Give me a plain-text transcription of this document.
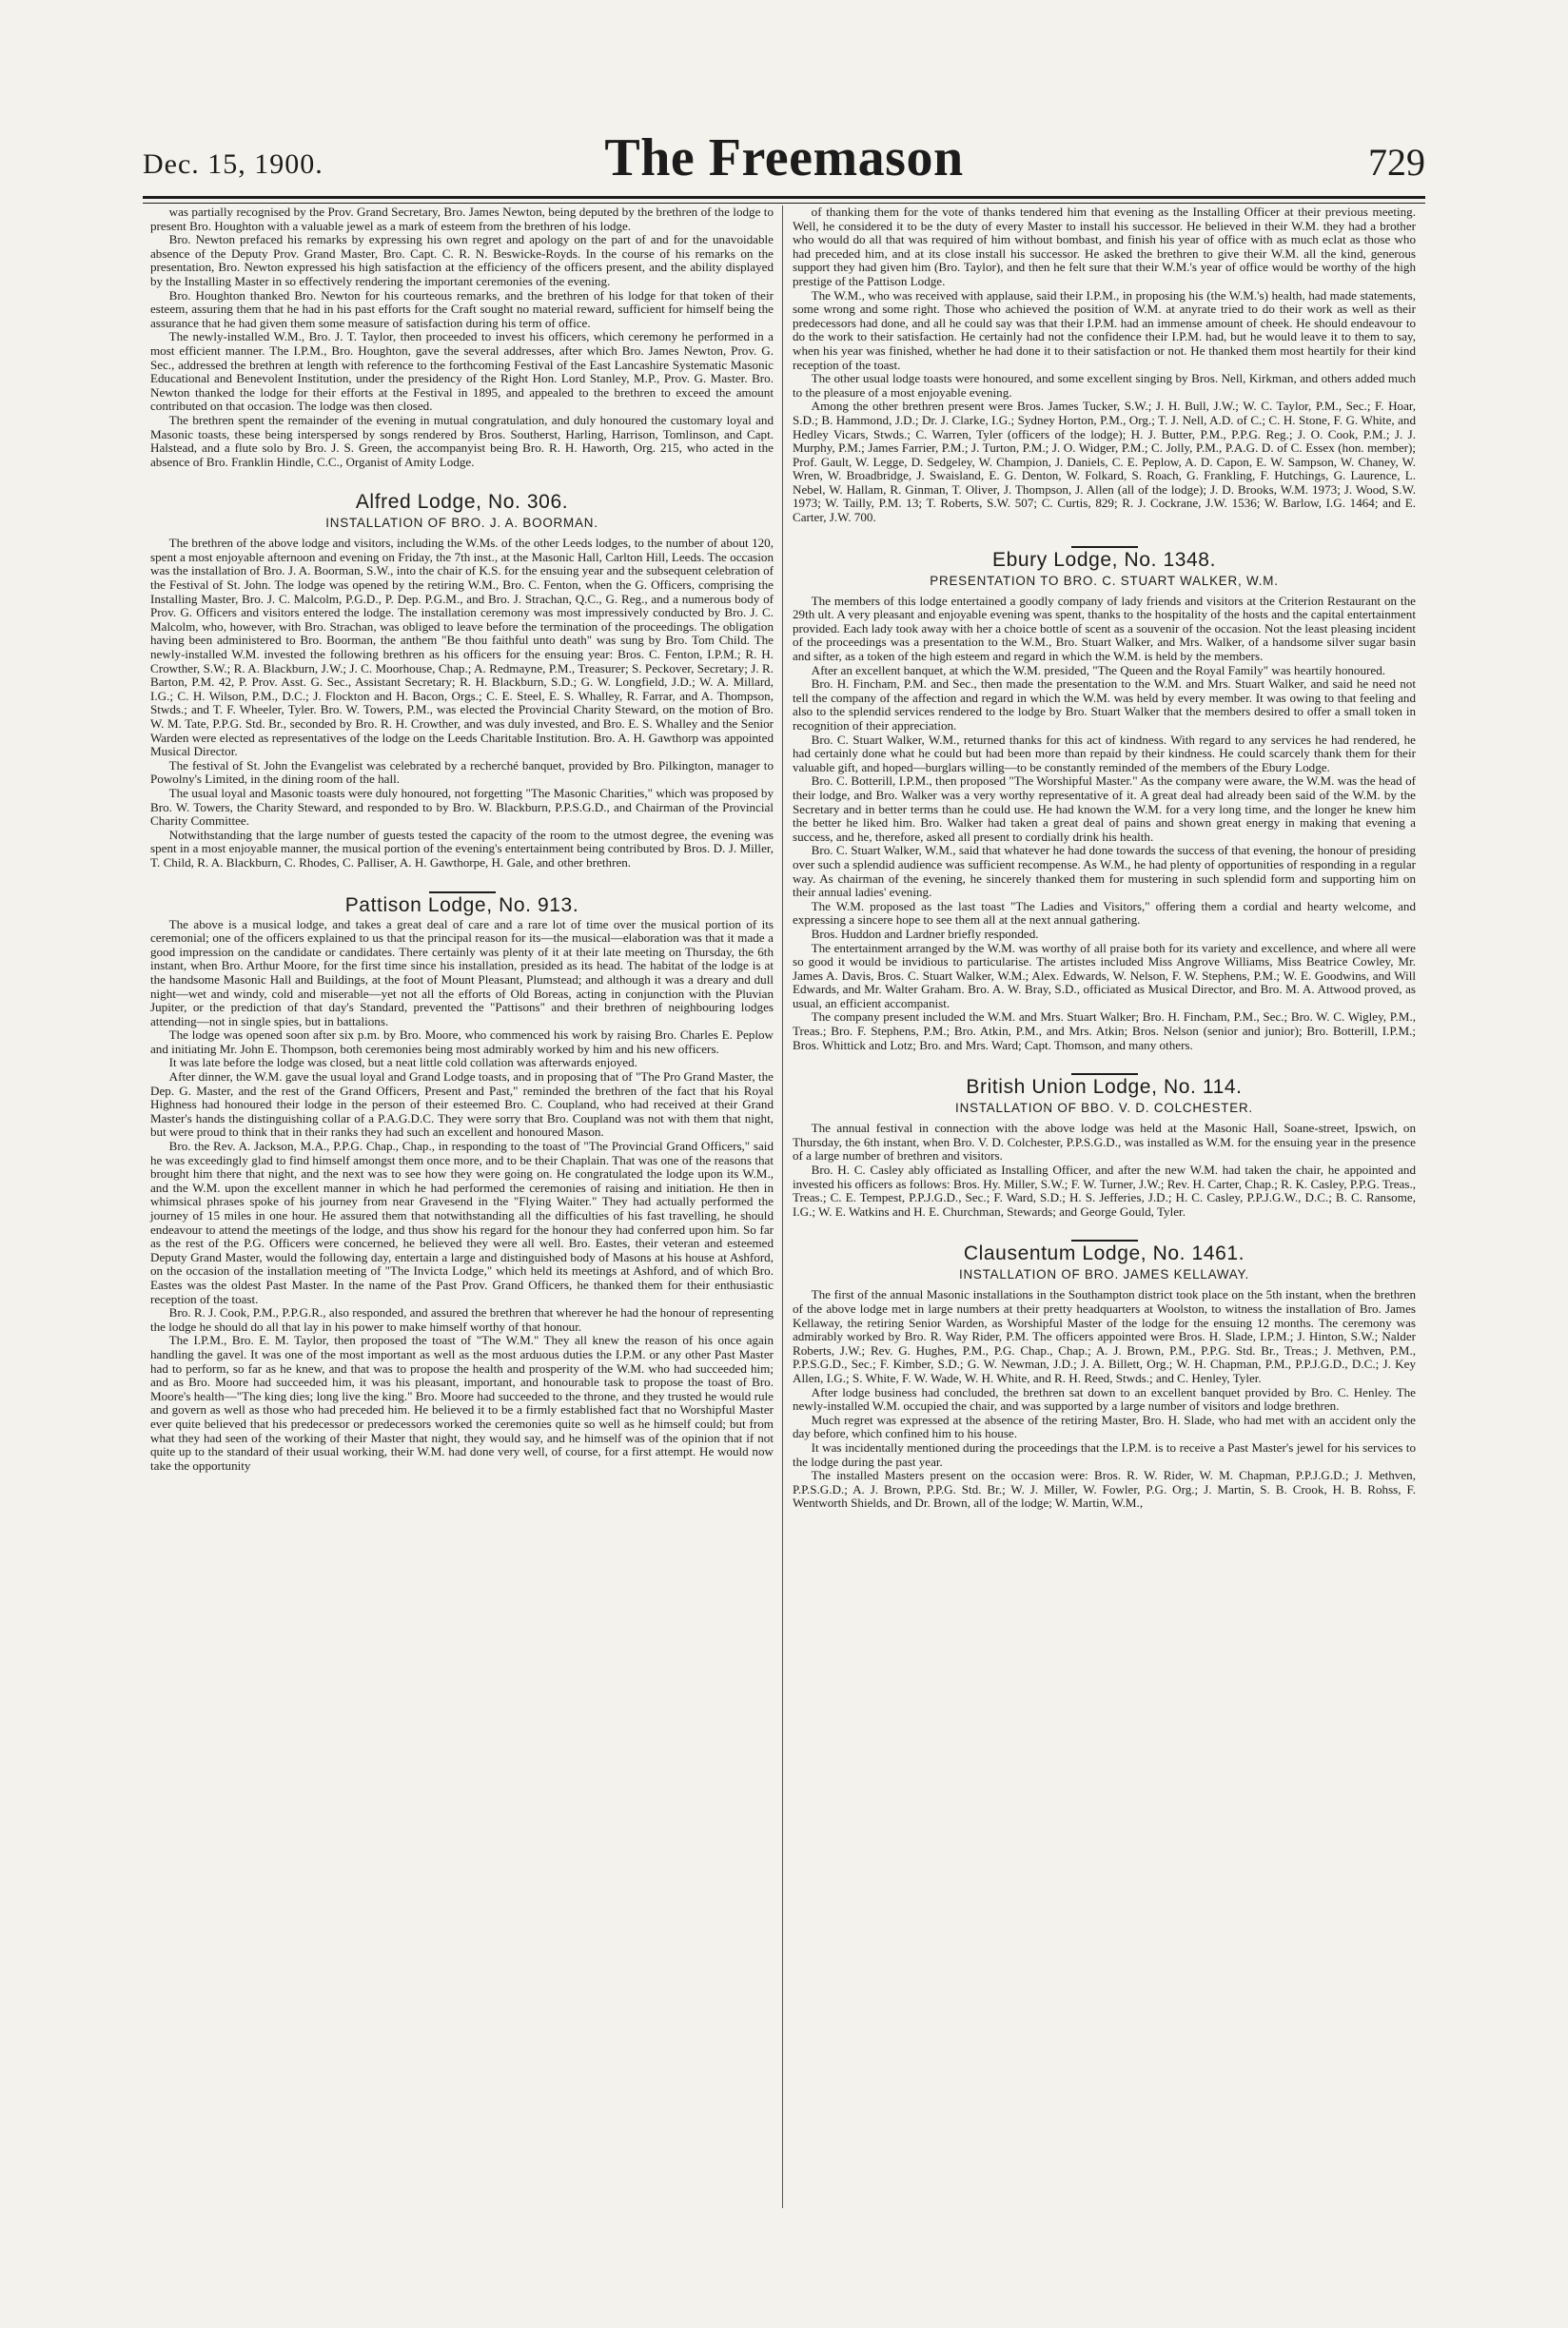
Dec. 15, 1900.	The Freemason	729

was partially recognised by the Prov. Grand Secretary, Bro. James Newton, being deputed by the brethren of the lodge to present Bro. Houghton with a valuable jewel as a mark of esteem from the brethren of his lodge.

Bro. Newton prefaced his remarks by expressing his own regret and apology on the part of and for the unavoidable absence of the Deputy Prov. Grand Master, Bro. Capt. C. R. N. Beswicke-Royds. In the course of his remarks on the presentation, Bro. Newton expressed his high satisfaction at the efficiency of the officers present, and the ability displayed by the Installing Master in so effectively rendering the important ceremonies of the evening.

Bro. Houghton thanked Bro. Newton for his courteous remarks, and the brethren of his lodge for that token of their esteem, assuring them that he had in his past efforts for the Craft sought no material reward, sufficient for himself being the assurance that he had given them some measure of satisfaction during his term of office.

The newly-installed W.M., Bro. J. T. Taylor, then proceeded to invest his officers, which ceremony he performed in a most efficient manner. The I.P.M., Bro. Houghton, gave the several addresses, after which Bro. James Newton, Prov. G. Sec., addressed the brethren at length with reference to the forthcoming Festival of the East Lancashire Systematic Masonic Educational and Benevolent Institution, under the presidency of the Right Hon. Lord Stanley, M.P., Prov. G. Master. Bro. Newton thanked the lodge for their efforts at the Festival in 1895, and appealed to the brethren to exceed the amount contributed on that occasion. The lodge was then closed.

The brethren spent the remainder of the evening in mutual congratulation, and duly honoured the customary loyal and Masonic toasts, these being interspersed by songs rendered by Bros. Southerst, Harling, Harrison, Tomlinson, and Capt. Halstead, and a flute solo by Bro. J. S. Green, the accompanyist being Bro. R. H. Haworth, Org. 215, who acted in the absence of Bro. Franklin Hindle, C.C., Organist of Amity Lodge.

Alfred Lodge, No. 306.
INSTALLATION OF BRO. J. A. BOORMAN.

The brethren of the above lodge and visitors, including the W.Ms. of the other Leeds lodges, to the number of about 120, spent a most enjoyable afternoon and evening on Friday, the 7th inst., at the Masonic Hall, Carlton Hill, Leeds. The occasion was the installation of Bro. J. A. Boorman, S.W., into the chair of K.S. for the ensuing year and the subsequent celebration of the Festival of St. John. The lodge was opened by the retiring W.M., Bro. C. Fenton, when the G. Officers, comprising the Installing Master, Bro. J. C. Malcolm, P.G.D., P. Dep. P.G.M., and Bro. J. Strachan, Q.C., G. Reg., and a numerous body of Prov. G. Officers and visitors entered the lodge. The installation ceremony was most impressively conducted by Bro. J. C. Malcolm, who, however, with Bro. Strachan, was obliged to leave before the termination of the proceedings. The obligation having been administered to Bro. Boorman, the anthem "Be thou faithful unto death" was sung by Bro. Tom Child. The newly-installed W.M. invested the following brethren as his officers for the ensuing year: Bros. C. Fenton, I.P.M.; R. H. Crowther, S.W.; R. A. Blackburn, J.W.; J. C. Moorhouse, Chap.; A. Redmayne, P.M., Treasurer; S. Peckover, Secretary; J. R. Barton, P.M. 42, P. Prov. Asst. G. Sec., Assistant Secretary; R. H. Blackburn, S.D.; G. W. Longfield, J.D.; W. A. Millard, I.G.; C. H. Wilson, P.M., D.C.; J. Flockton and H. Bacon, Orgs.; C. E. Steel, E. S. Whalley, R. Farrar, and A. Thompson, Stwds.; and T. F. Wheeler, Tyler. Bro. W. Towers, P.M., was elected the Provincial Charity Steward, on the motion of Bro. W. M. Tate, P.P.G. Std. Br., seconded by Bro. R. H. Crowther, and was duly invested, and Bro. E. S. Whalley and the Senior Warden were elected as representatives of the lodge on the Leeds Charitable Institution. Bro. A. H. Gawthorp was appointed Musical Director.

The festival of St. John the Evangelist was celebrated by a recherché banquet, provided by Bro. Pilkington, manager to Powolny's Limited, in the dining room of the hall.

The usual loyal and Masonic toasts were duly honoured, not forgetting "The Masonic Charities," which was proposed by Bro. W. Towers, the Charity Steward, and responded to by Bro. W. Blackburn, P.P.S.G.D., and Chairman of the Provincial Charity Committee.

Notwithstanding that the large number of guests tested the capacity of the room to the utmost degree, the evening was spent in a most enjoyable manner, the musical portion of the evening's entertainment being contributed by Bros. D. J. Miller, T. Child, R. A. Blackburn, C. Rhodes, C. Palliser, A. H. Gawthorpe, H. Gale, and other brethren.

Pattison Lodge, No. 913.

The above is a musical lodge, and takes a great deal of care and a rare lot of time over the musical portion of its ceremonial; one of the officers explained to us that the principal reason for its—the musical—elaboration was that it made a good impression on the candidate or candidates. There certainly was plenty of it at their late meeting on Thursday, the 6th instant, when Bro. Arthur Moore, for the first time since his installation, presided as its head. The habitat of the lodge is at the handsome Masonic Hall and Buildings, at the foot of Mount Pleasant, Plumstead; and although it was a dreary and dull night—wet and windy, cold and miserable—yet not all the efforts of Old Boreas, acting in conjunction with the Pluvian Jupiter, or the prediction of that day's Standard, prevented the "Pattisons" and their brethren of neighbouring lodges attending—not in single spies, but in battalions.

The lodge was opened soon after six p.m. by Bro. Moore, who commenced his work by raising Bro. Charles E. Peplow and initiating Mr. John E. Thompson, both ceremonies being most admirably worked by him and his new officers.

It was late before the lodge was closed, but a neat little cold collation was afterwards enjoyed.

After dinner, the W.M. gave the usual loyal and Grand Lodge toasts, and in proposing that of "The Pro Grand Master, the Dep. G. Master, and the rest of the Grand Officers, Present and Past," reminded the brethren of the fact that his Royal Highness had honoured their lodge in the person of their esteemed Bro. C. Coupland, who had received at their Grand Master's hands the distinguishing collar of a P.A.G.D.C. They were sorry that Bro. Coupland was not with them that night, but were proud to think that in their ranks they had such an excellent and honoured Mason.

Bro. the Rev. A. Jackson, M.A., P.P.G. Chap., Chap., in responding to the toast of "The Provincial Grand Officers," said he was exceedingly glad to find himself amongst them once more, and to be their Chaplain. That was one of the reasons that brought him there that night, and the next was to see how they were going on. He congratulated the lodge upon its W.M., and the W.M. upon the excellent manner in which he had performed the ceremonies of raising and initiation. He then in whimsical phrases spoke of his journey from near Gravesend in the "Flying Waiter." They had actually performed the journey of 15 miles in one hour. He assured them that notwithstanding all the difficulties of his fast travelling, he should endeavour to attend the meetings of the lodge, and thus show his regard for the honour they had conferred upon him. So far as the rest of the P.G. Officers were concerned, he believed they were all well. Bro. Eastes, their veteran and esteemed Deputy Grand Master, would the following day, entertain a large and distinguished body of Masons at his house at Ashford, on the occasion of the installation meeting of "The Invicta Lodge," which held its meetings at Ashford, and of which Bro. Eastes was the oldest Past Master. In the name of the Past Prov. Grand Officers, he thanked them for their enthusiastic reception of the toast.

Bro. R. J. Cook, P.M., P.P.G.R., also responded, and assured the brethren that wherever he had the honour of representing the lodge he should do all that lay in his power to make himself worthy of that honour.

The I.P.M., Bro. E. M. Taylor, then proposed the toast of "The W.M." They all knew the reason of his once again handling the gavel. It was one of the most important as well as the most arduous duties the I.P.M. or any other Past Master had to perform, so far as he knew, and that was to propose the health and prosperity of the W.M. who had succeeded him; and as Bro. Moore had succeeded him, it was his pleasant, important, and honourable task to propose the toast of Bro. Moore's health—"The king dies; long live the king." Bro. Moore had succeeded to the throne, and they trusted he would rule and govern as well as those who had preceded him. He believed it to be a firmly established fact that no Worshipful Master ever quite believed that his predecessor or predecessors worked the ceremonies quite so well as he himself could; but from what they had seen of the working of their Master that night, they would say, and he himself was of the opinion that if not quite up to the standard of their usual working, their W.M. had done very well, of course, for a first attempt. He would now take the opportunity

of thanking them for the vote of thanks tendered him that evening as the Installing Officer at their previous meeting. Well, he considered it to be the duty of every Master to install his successor. He believed in their W.M. they had a brother who would do all that was required of him without bombast, and finish his year of office with as much eclat as those who had preceded him, and at its close install his successor. He asked the brethren to give their W.M. all the kind, generous support they had given him (Bro. Taylor), and then he felt sure that their W.M.'s year of office would be worthy of the high prestige of the Pattison Lodge.

The W.M., who was received with applause, said their I.P.M., in proposing his (the W.M.'s) health, had made statements, some wrong and some right. Those who achieved the position of W.M. at anyrate tried to do their work as well as their predecessors had done, and all he could say was that their I.P.M. had an immense amount of cheek. He should endeavour to do the work to their satisfaction. He certainly had not the confidence their I.P.M. had, but he would leave it to them to say, when his year was finished, whether he had done it to their satisfaction or not. He thanked them most heartily for their kind reception of the toast.

The other usual lodge toasts were honoured, and some excellent singing by Bros. Nell, Kirkman, and others added much to the pleasure of a most enjoyable evening.

Among the other brethren present were Bros. James Tucker, S.W.; J. H. Bull, J.W.; W. C. Taylor, P.M., Sec.; F. Hoar, S.D.; B. Hammond, J.D.; Dr. J. Clarke, I.G.; Sydney Horton, P.M., Org.; T. J. Nell, A.D. of C.; C. H. Stone, F. G. White, and Hedley Vicars, Stwds.; C. Warren, Tyler (officers of the lodge); H. J. Butter, P.M., P.P.G. Reg.; J. O. Cook, P.M.; J. J. Murphy, P.M.; James Farrier, P.M.; J. Turton, P.M.; J. O. Widger, P.M.; C. Jolly, P.M., P.A.G. D. of C. Essex (hon. member); Prof. Gault, W. Legge, D. Sedgeley, W. Champion, J. Daniels, C. E. Peplow, A. D. Capon, E. W. Sampson, W. Chaney, W. Wren, W. Broadbridge, J. Swaisland, E. G. Denton, W. Folkard, S. Roach, G. Frankling, F. Hutchings, G. Laurence, L. Nebel, W. Hallam, R. Ginman, T. Oliver, J. Thompson, J. Allen (all of the lodge); J. D. Brooks, W.M. 1973; J. Wood, S.W. 1973; W. Tailly, P.M. 13; T. Roberts, S.W. 507; C. Curtis, 829; R. J. Cockrane, J.W. 1536; W. Barlow, I.G. 1464; and E. Carter, J.W. 700.

Ebury Lodge, No. 1348.
PRESENTATION TO BRO. C. STUART WALKER, W.M.

The members of this lodge entertained a goodly company of lady friends and visitors at the Criterion Restaurant on the 29th ult. A very pleasant and enjoyable evening was spent, thanks to the hospitality of the hosts and the capital entertainment provided. Each lady took away with her a choice bottle of scent as a souvenir of the occasion. Not the least pleasing incident of the proceedings was a presentation to the W.M., Bro. Stuart Walker, and Mrs. Walker, of a handsome silver sugar basin and sifter, as a token of the high esteem and regard in which the W.M. is held by the members.

After an excellent banquet, at which the W.M. presided, "The Queen and the Royal Family" was heartily honoured.

Bro. H. Fincham, P.M. and Sec., then made the presentation to the W.M. and Mrs. Stuart Walker, and said he need not tell the company of the affection and regard in which the W.M. was held by every member. It was owing to that feeling and also to the splendid services rendered to the lodge by Bro. Stuart Walker that the members desired to offer a small token in recognition of their appreciation.

Bro. C. Stuart Walker, W.M., returned thanks for this act of kindness. With regard to any services he had rendered, he had certainly done what he could but had been more than repaid by their kindness. He could scarcely thank them for their valuable gift, and hoped—burglars willing—to be constantly reminded of the members of the Ebury Lodge.

Bro. C. Botterill, I.P.M., then proposed "The Worshipful Master." As the company were aware, the W.M. was the head of their lodge, and Bro. Walker was a very worthy representative of it. A great deal had already been said of the W.M. by the Secretary and in better terms than he could use. He had known the W.M. for a very long time, and the longer he knew him the better he liked him. Bro. Walker had taken a great deal of pains and shown great energy in making that evening a success, and he, therefore, asked all present to cordially drink his health.

Bro. C. Stuart Walker, W.M., said that whatever he had done towards the success of that evening, the honour of presiding over such a splendid audience was sufficient recompense. As W.M., he had plenty of opportunities of responding in a regular way. As chairman of the evening, he sincerely thanked them for mustering in such splendid form and supporting him on their annual ladies' evening.

The W.M. proposed as the last toast "The Ladies and Visitors," offering them a cordial and hearty welcome, and expressing a sincere hope to see them all at the next annual gathering.

Bros. Huddon and Lardner briefly responded.

The entertainment arranged by the W.M. was worthy of all praise both for its variety and excellence, and where all were so good it would be invidious to particularise. The artistes included Miss Angrove Williams, Miss Beatrice Cowley, Mr. James A. Davis, Bros. C. Stuart Walker, W.M.; Alex. Edwards, W. Nelson, F. W. Stephens, P.M.; W. E. Goodwins, and Will Edwards, and Mr. Walter Graham. Bro. A. W. Bray, S.D., officiated as Musical Director, and Bro. M. A. Attwood proved, as usual, an efficient accompanist.

The company present included the W.M. and Mrs. Stuart Walker; Bro. H. Fincham, P.M., Sec.; Bro. W. C. Wigley, P.M., Treas.; Bro. F. Stephens, P.M.; Bro. Atkin, P.M., and Mrs. Atkin; Bros. Nelson (senior and junior); Bro. Botterill, I.P.M.; Bros. Whittick and Lotz; Bro. and Mrs. Ward; Capt. Thomson, and many others.

British Union Lodge, No. 114.
INSTALLATION OF BBO. V. D. COLCHESTER.

The annual festival in connection with the above lodge was held at the Masonic Hall, Soane-street, Ipswich, on Thursday, the 6th instant, when Bro. V. D. Colchester, P.P.S.G.D., was installed as W.M. for the ensuing year in the presence of a large number of brethren and visitors.

Bro. H. C. Casley ably officiated as Installing Officer, and after the new W.M. had taken the chair, he appointed and invested his officers as follows: Bros. Hy. Miller, S.W.; F. W. Turner, J.W.; Rev. H. Carter, Chap.; R. K. Casley, P.P.G. Treas., Treas.; C. E. Tempest, P.P.J.G.D., Sec.; F. Ward, S.D.; H. S. Jefferies, J.D.; H. C. Casley, P.P.J.G.W., D.C.; B. C. Ransome, I.G.; W. E. Watkins and H. E. Churchman, Stewards; and George Gould, Tyler.

Clausentum Lodge, No. 1461.
INSTALLATION OF BRO. JAMES KELLAWAY.

The first of the annual Masonic installations in the Southampton district took place on the 5th instant, when the brethren of the above lodge met in large numbers at their pretty headquarters at Woolston, to witness the installation of Bro. James Kellaway, the retiring Senior Warden, as Worshipful Master of the lodge for the ensuing 12 months. The ceremony was admirably worked by Bro. R. Way Rider, P.M. The officers appointed were Bros. H. Slade, I.P.M.; J. Hinton, S.W.; Nalder Roberts, J.W.; Rev. G. Hughes, P.M., P.G. Chap., Chap.; A. J. Brown, P.M., P.P.G. Std. Br., Treas.; J. Methven, P.M., P.P.S.G.D., Sec.; F. Kimber, S.D.; G. W. Newman, J.D.; J. A. Billett, Org.; W. H. Chapman, P.M., P.P.J.G.D., D.C.; J. Key Allen, I.G.; S. White, F. W. Wade, W. H. White, and R. H. Reed, Stwds.; and C. Henley, Tyler.

After lodge business had concluded, the brethren sat down to an excellent banquet provided by Bro. C. Henley. The newly-installed W.M. occupied the chair, and was supported by a large number of visitors and lodge brethren.

Much regret was expressed at the absence of the retiring Master, Bro. H. Slade, who had met with an accident only the day before, which confined him to his house.

It was incidentally mentioned during the proceedings that the I.P.M. is to receive a Past Master's jewel for his services to the lodge during the past year.

The installed Masters present on the occasion were: Bros. R. W. Rider, W. M. Chapman, P.P.J.G.D.; J. Methven, P.P.S.G.D.; A. J. Brown, P.P.G. Std. Br.; W. J. Miller, W. Fowler, P.G. Org.; J. Martin, S. B. Crook, H. B. Rohss, F. Wentworth Shields, and Dr. Brown, all of the lodge; W. Martin, W.M.,
